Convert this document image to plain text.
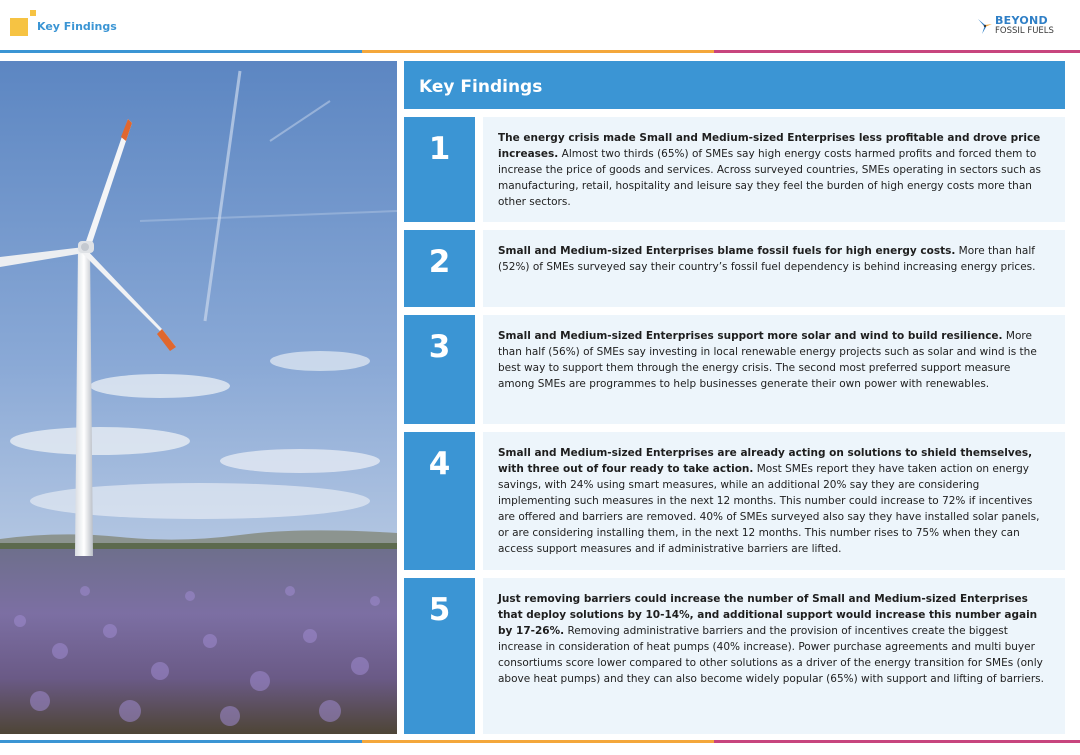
Key Findings	BEYOND
FOSSIL FUELS
Key Findings
1	The energy crisis made Small and Medium-sized Enterprises less profitable and drove price increases. Almost two thirds (65%) of SMEs say high energy costs harmed profits and forced them to increase the price of goods and services. Across surveyed countries, SMEs operating in sectors such as manufacturing, retail, hospitality and leisure say they feel the burden of high energy costs more than other sectors.
2	Small and Medium-sized Enterprises blame fossil fuels for high energy costs. More than half (52%) of SMEs surveyed say their country’s fossil fuel dependency is behind increasing energy prices.
3	Small and Medium-sized Enterprises support more solar and wind to build resilience. More than half (56%) of SMEs say investing in local renewable energy projects such as solar and wind is the best way to support them through the energy crisis. The second most preferred support measure among SMEs are programmes to help businesses generate their own power with renewables.
4	Small and Medium-sized Enterprises are already acting on solutions to shield themselves, with three out of four ready to take action. Most SMEs report they have taken action on energy savings, with 24% using smart measures, while an additional 20% say they are considering implementing such measures in the next 12 months. This number could increase to 72% if incentives are offered and barriers are removed. 40% of SMEs surveyed also say they have installed solar panels, or are considering installing them, in the next 12 months. This number rises to 75% when they can access support measures and if administrative barriers are lifted.
5	Just removing barriers could increase the number of Small and Medium-sized Enterprises that deploy solutions by 10-14%, and additional support would increase this number again by 17-26%. Removing administrative barriers and the provision of incentives create the biggest increase in consideration of heat pumps (40% increase). Power purchase agreements and multi buyer consortiums score lower compared to other solutions as a driver of the energy transition for SMEs (only above heat pumps) and they can also become widely popular (65%) with support and lifting of barriers.
